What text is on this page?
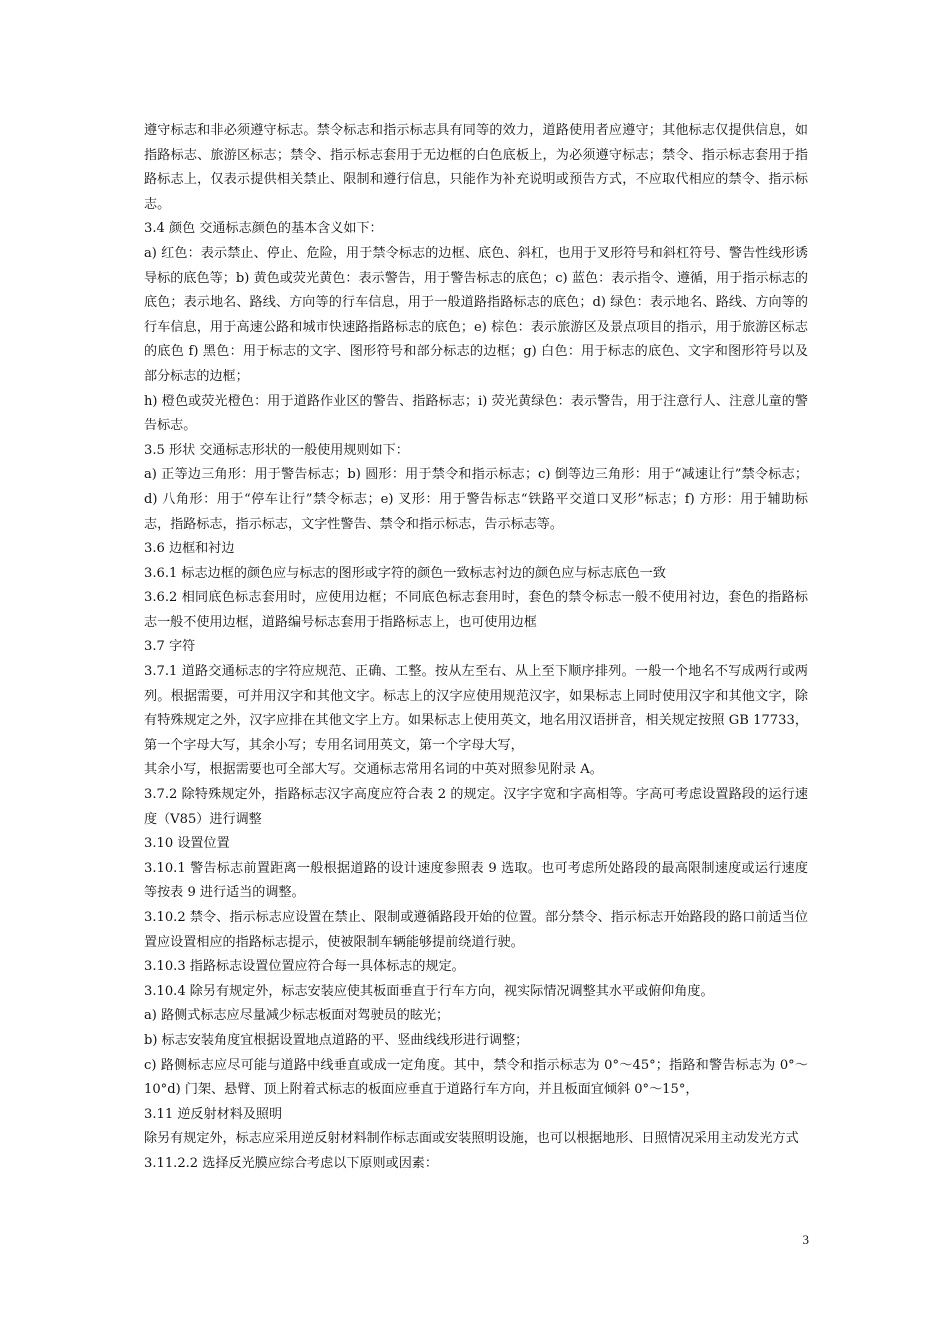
遵守标志和非必须遵守标志。禁令标志和指示标志具有同等的效力，道路使用者应遵守；其他标志仅提供信息，如指路标志、旅游区标志；禁令、指示标志套用于无边框的白色底板上，为必须遵守标志；禁令、指示标志套用于指路标志上，仅表示提供相关禁止、限制和遵行信息，只能作为补充说明或预告方式，不应取代相应的禁令、指示标志。

3.4 颜色 交通标志颜色的基本含义如下：

a) 红色：表示禁止、停止、危险，用于禁令标志的边框、底色、斜杠，也用于叉形符号和斜杠符号、警告性线形诱导标的底色等；b) 黄色或荧光黄色：表示警告，用于警告标志的底色；c) 蓝色：表示指令、遵循，用于指示标志的底色；表示地名、路线、方向等的行车信息，用于一般道路指路标志的底色；d) 绿色：表示地名、路线、方向等的行车信息，用于高速公路和城市快速路指路标志的底色；e) 棕色：表示旅游区及景点项目的指示，用于旅游区标志的底色 f) 黑色：用于标志的文字、图形符号和部分标志的边框；g) 白色：用于标志的底色、文字和图形符号以及部分标志的边框；

h) 橙色或荧光橙色：用于道路作业区的警告、指路标志；i) 荧光黄绿色：表示警告，用于注意行人、注意儿童的警告标志。

3.5 形状 交通标志形状的一般使用规则如下：

a) 正等边三角形：用于警告标志；b) 圆形：用于禁令和指示标志；c) 倒等边三角形：用于“减速让行”禁令标志；d) 八角形：用于“停车让行”禁令标志；e) 叉形：用于警告标志“铁路平交道口叉形”标志；f) 方形：用于辅助标志，指路标志，指示标志，文字性警告、禁令和指示标志，告示标志等。

3.6 边框和衬边

3.6.1 标志边框的颜色应与标志的图形或字符的颜色一致标志衬边的颜色应与标志底色一致

3.6.2 相同底色标志套用时，应使用边框；不同底色标志套用时，套色的禁令标志一般不使用衬边，套色的指路标志一般不使用边框，道路编号标志套用于指路标志上，也可使用边框

3.7 字符

3.7.1 道路交通标志的字符应规范、正确、工整。按从左至右、从上至下顺序排列。一般一个地名不写成两行或两列。根据需要，可并用汉字和其他文字。标志上的汉字应使用规范汉字，如果标志上同时使用汉字和其他文字，除有特殊规定之外，汉字应排在其他文字上方。如果标志上使用英文，地名用汉语拼音，相关规定按照 GB 17733，第一个字母大写，其余小写；专用名词用英文，第一个字母大写，

其余小写，根据需要也可全部大写。交通标志常用名词的中英对照参见附录 A。

3.7.2 除特殊规定外，指路标志汉字高度应符合表 2 的规定。汉字字宽和字高相等。字高可考虑设置路段的运行速度（V85）进行调整

3.10 设置位置

3.10.1 警告标志前置距离一般根据道路的设计速度参照表 9 选取。也可考虑所处路段的最高限制速度或运行速度等按表 9 进行适当的调整。

3.10.2 禁令、指示标志应设置在禁止、限制或遵循路段开始的位置。部分禁令、指示标志开始路段的路口前适当位置应设置相应的指路标志提示，使被限制车辆能够提前绕道行驶。

3.10.3 指路标志设置位置应符合每一具体标志的规定。

3.10.4 除另有规定外，标志安装应使其板面垂直于行车方向，视实际情况调整其水平或俯仰角度。

a) 路侧式标志应尽量减少标志板面对驾驶员的眩光；

b) 标志安装角度宜根据设置地点道路的平、竖曲线线形进行调整；

c) 路侧标志应尽可能与道路中线垂直或成一定角度。其中，禁令和指示标志为 0°～45°；指路和警告标志为 0°～10°d) 门架、悬臂、顶上附着式标志的板面应垂直于道路行车方向，并且板面宜倾斜 0°～15°，

3.11 逆反射材料及照明

除另有规定外，标志应采用逆反射材料制作标志面或安装照明设施，也可以根据地形、日照情况采用主动发光方式

3.11.2.2 选择反光膜应综合考虑以下原则或因素：

3
